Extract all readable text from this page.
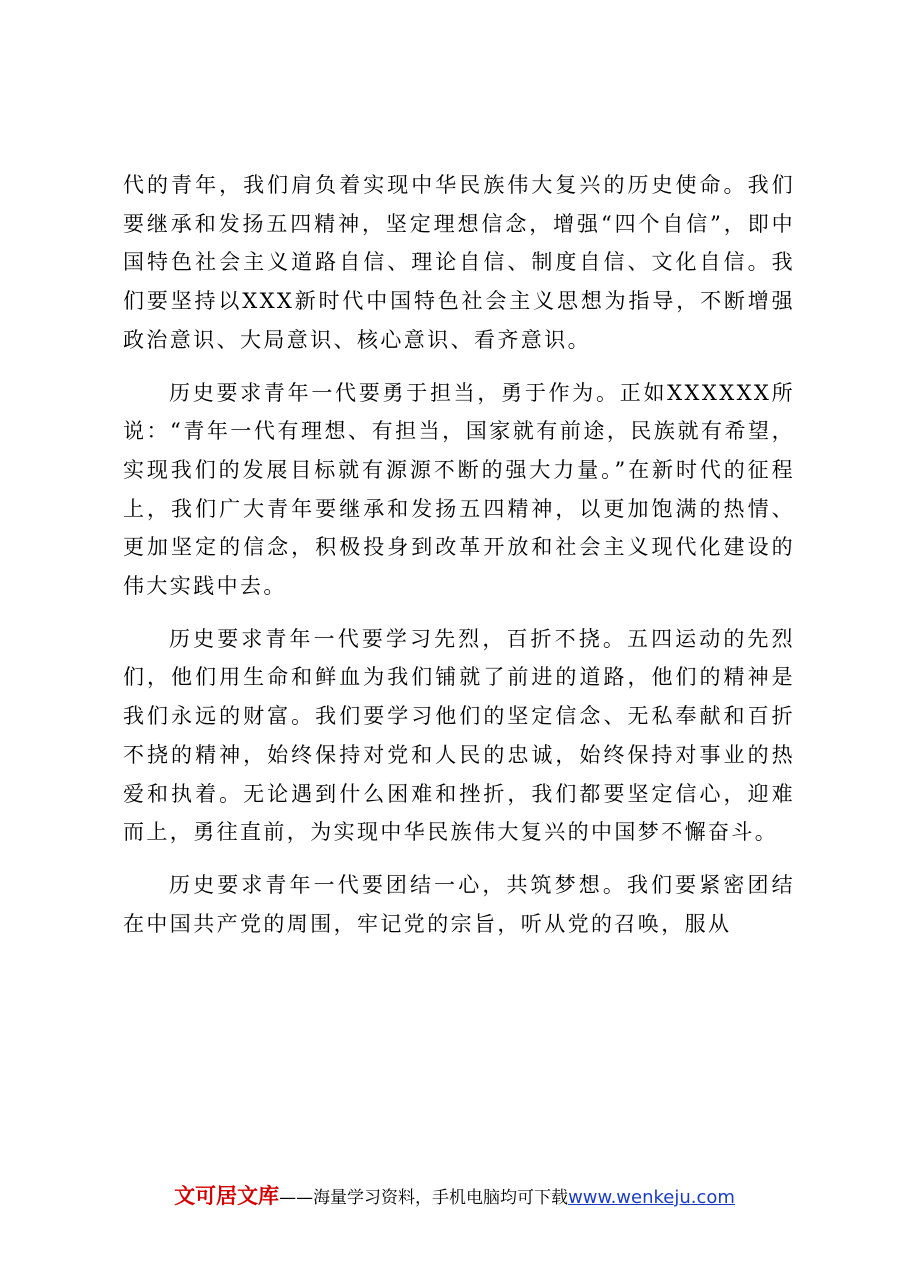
代的青年，我们肩负着实现中华民族伟大复兴的历史使命。我们要继承和发扬五四精神，坚定理想信念，增强“四个自信”，即中国特色社会主义道路自信、理论自信、制度自信、文化自信。我们要坚持以XXX新时代中国特色社会主义思想为指导，不断增强政治意识、大局意识、核心意识、看齐意识。

历史要求青年一代要勇于担当，勇于作为。正如XXXXXX所说：“青年一代有理想、有担当，国家就有前途，民族就有希望，实现我们的发展目标就有源源不断的强大力量。”在新时代的征程上，我们广大青年要继承和发扬五四精神，以更加饱满的热情、更加坚定的信念，积极投身到改革开放和社会主义现代化建设的伟大实践中去。

历史要求青年一代要学习先烈，百折不挠。五四运动的先烈们，他们用生命和鲜血为我们铺就了前进的道路，他们的精神是我们永远的财富。我们要学习他们的坚定信念、无私奉献和百折不挠的精神，始终保持对党和人民的忠诚，始终保持对事业的热爱和执着。无论遇到什么困难和挫折，我们都要坚定信心，迎难而上，勇往直前，为实现中华民族伟大复兴的中国梦不懈奋斗。

历史要求青年一代要团结一心，共筑梦想。我们要紧密团结在中国共产党的周围，牢记党的宗旨，听从党的召唤，服从

文可居文库——海量学习资料，手机电脑均可下载www.wenkeju.com
